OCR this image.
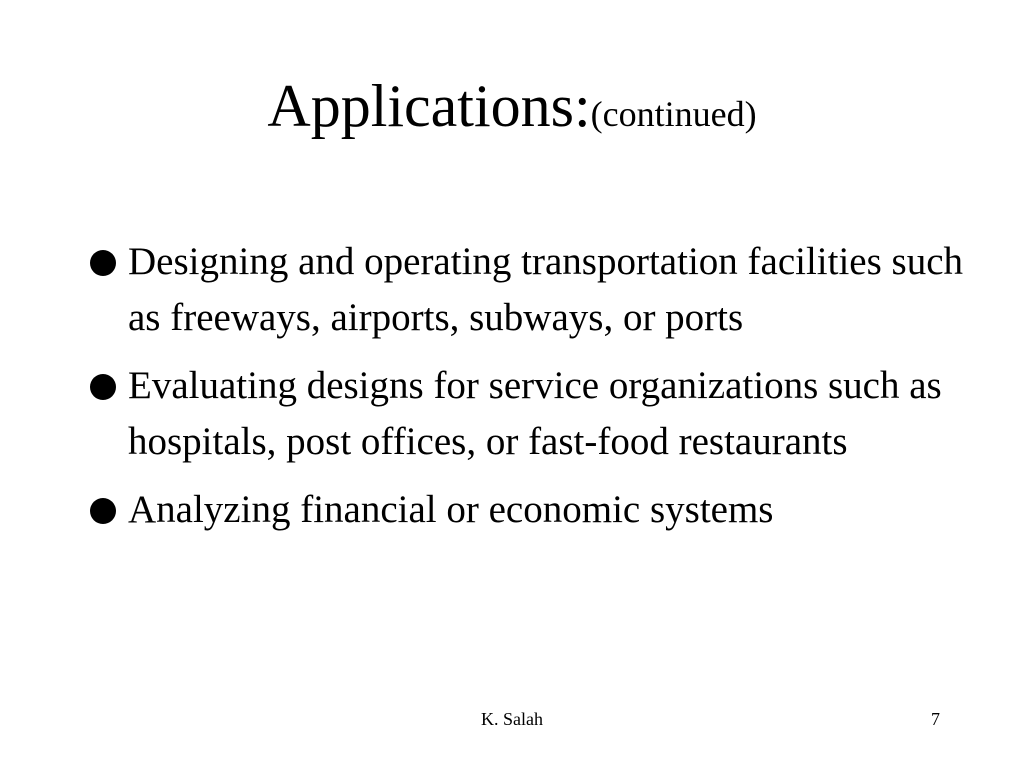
Applications:(continued)
Designing and operating transportation facilities such as freeways, airports, subways, or ports
Evaluating designs for service organizations such as hospitals, post offices, or fast-food restaurants
Analyzing financial or economic systems
K. Salah	7
